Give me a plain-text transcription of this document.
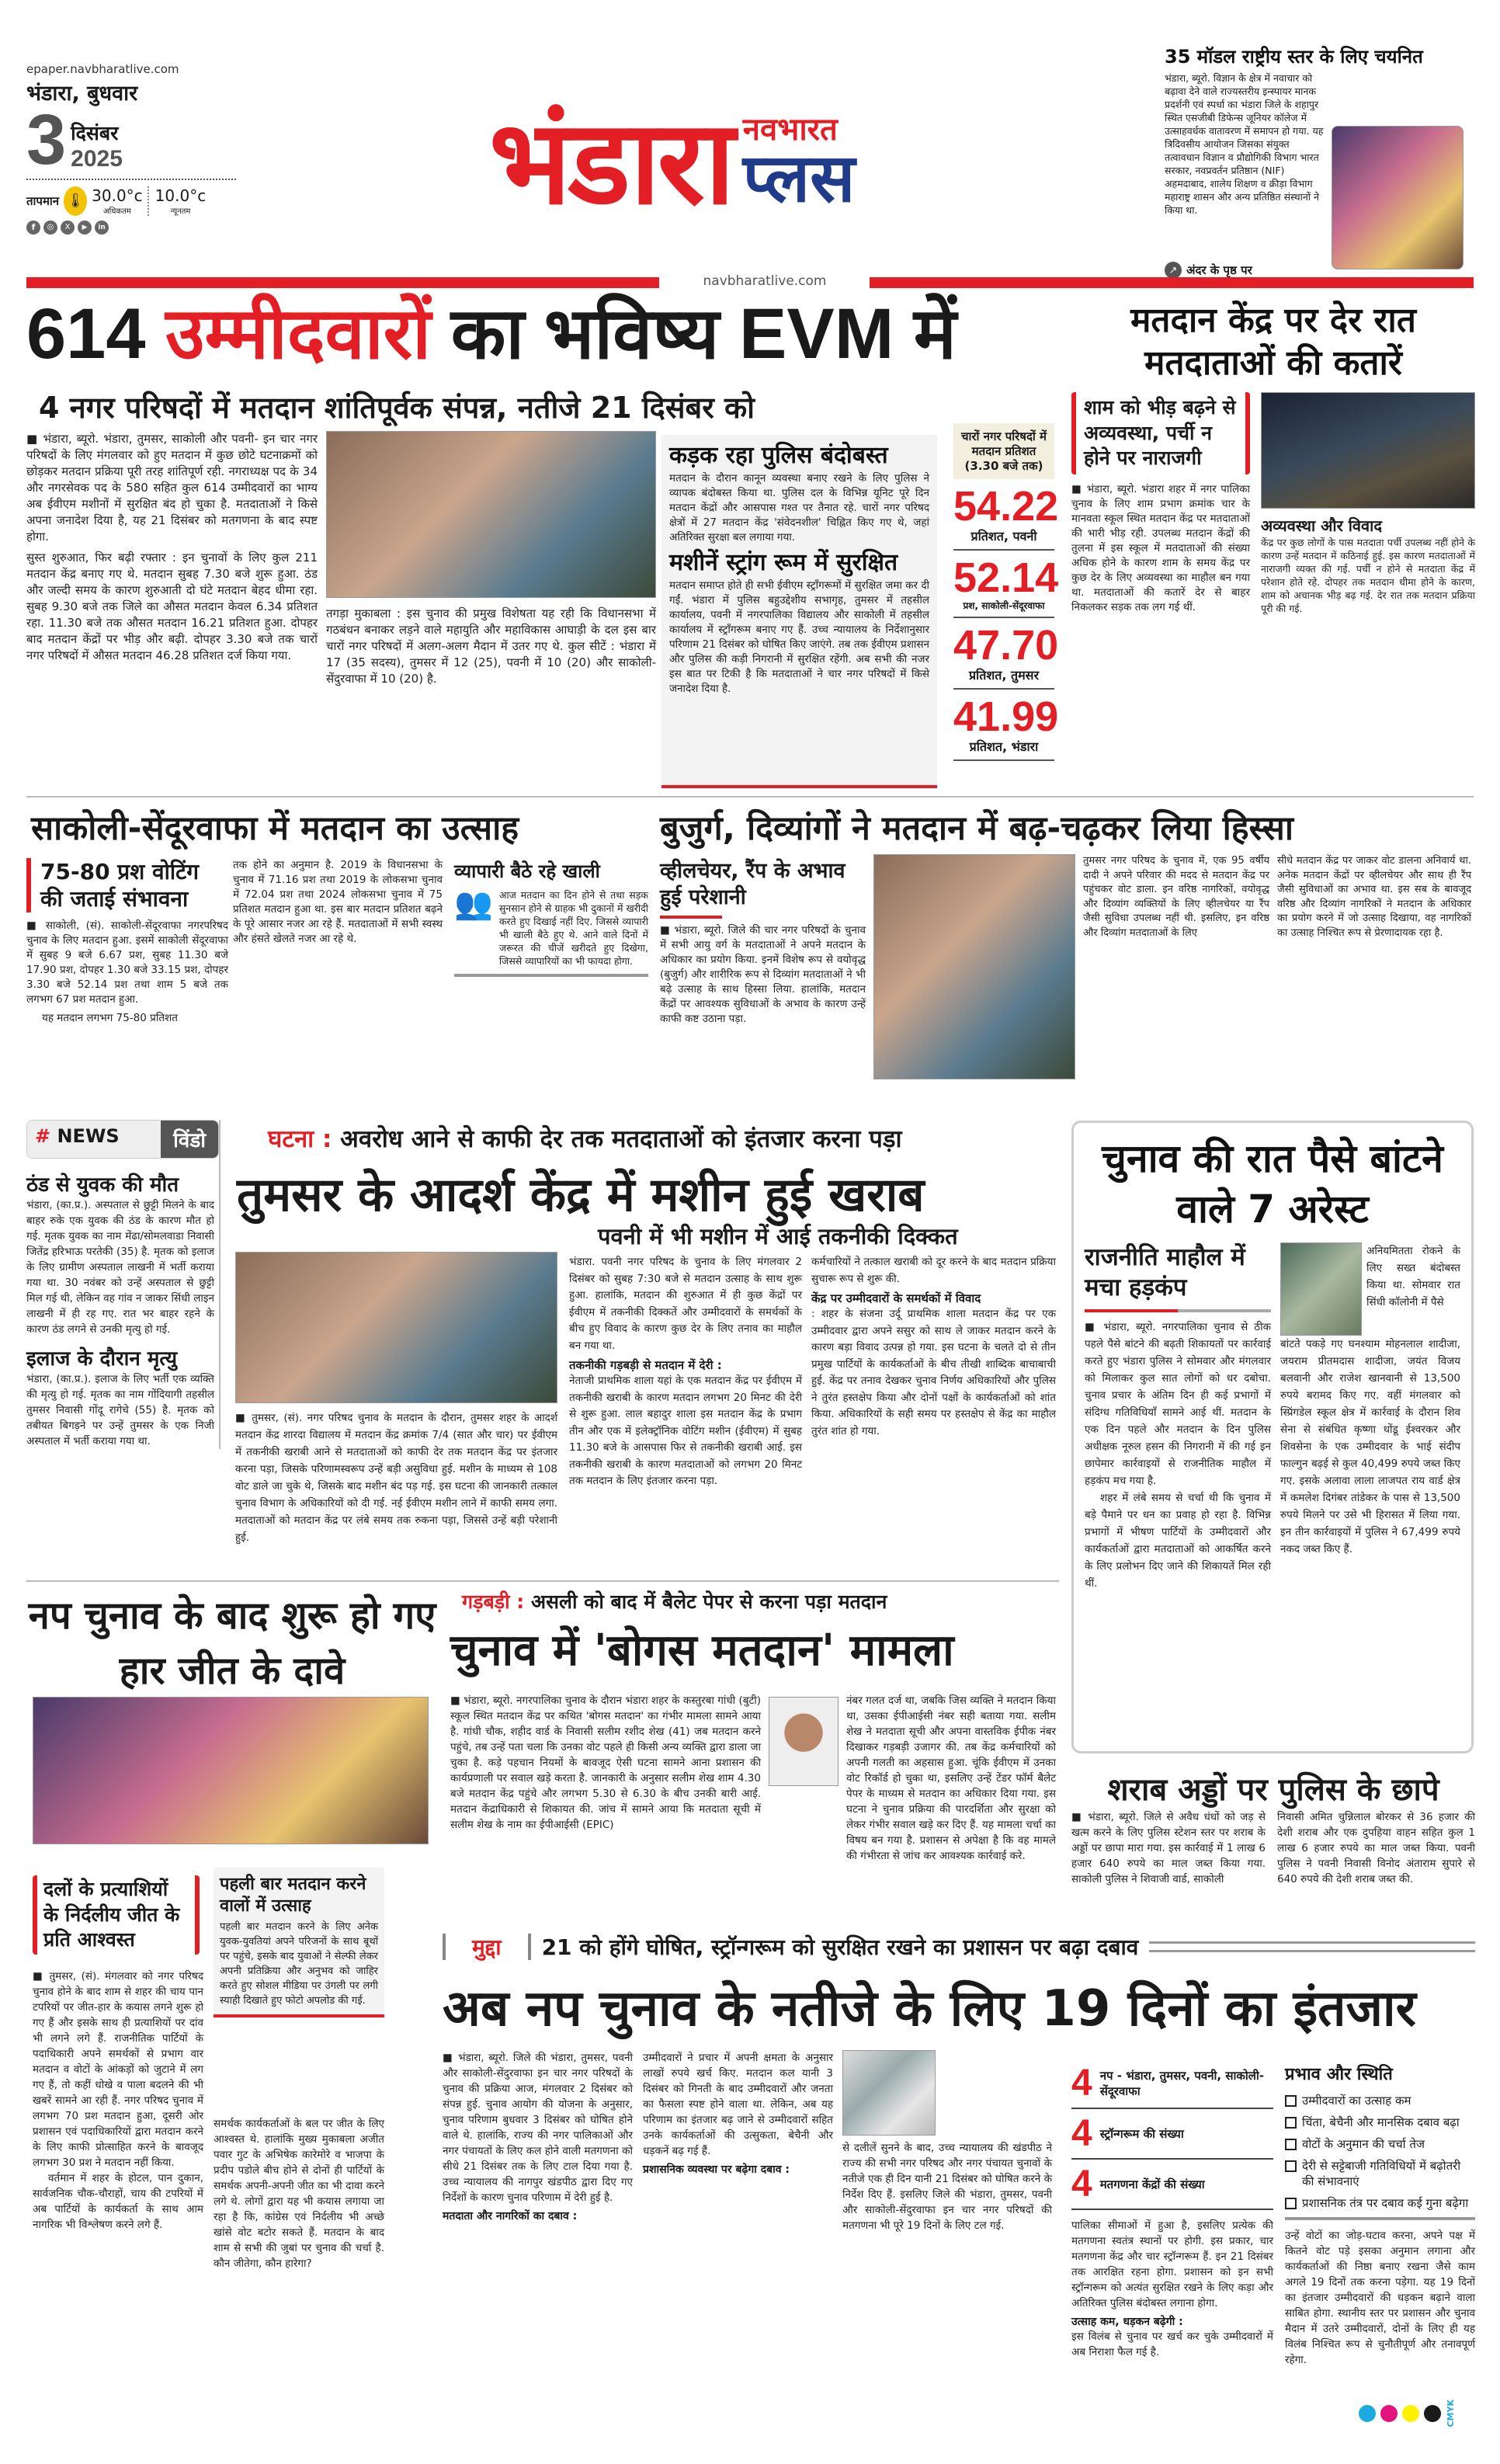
epaper.navbharatlive.com
भंडारा, बुधवार
3 दिसंबर
2025
तापमान 🌡 30.0°c
अधिकतम
10.0°c
न्यूनतम
f	◎	X	▶	in	भंडारा नवभारत
प्लस
35 मॉडल राष्ट्रीय स्तर के लिए चयनित
भंडारा, ब्यूरो. विज्ञान के क्षेत्र में नवाचार को बढ़ावा देने वाले राज्यस्तरीय इन्स्पायर मानक प्रदर्शनी एवं स्पर्धा का भंडारा जिले के शहापुर स्थित एसजीबी डिफेन्स जूनियर कॉलेज में उत्साहवर्धक वातावरण में समापन हो गया. यह त्रिदिवसीय आयोजन जिसका संयुक्त तत्वावधान विज्ञान व प्रौद्योगिकी विभाग भारत सरकार, नवप्रवर्तन प्रतिष्ठान (NIF) अहमदाबाद, शालेय शिक्षण व क्रीड़ा विभाग महाराष्ट्र शासन और अन्य प्रतिष्ठित संस्थानों ने किया था.
↗ अंदर के पृष्ठ पर
navbharatlive.com
614 उम्मीदवारों का भविष्य EVM में
4 नगर परिषदों में मतदान शांतिपूर्वक संपन्न, नतीजे 21 दिसंबर को

■ भंडारा, ब्यूरो. भंडारा, तुमसर, साकोली और पवनी- इन चार नगर परिषदों के लिए मंगलवार को हुए मतदान में कुछ छोटे घटनाक्रमों को छोड़कर मतदान प्रक्रिया पूरी तरह शांतिपूर्ण रही. नगराध्यक्ष पद के 34 और नगरसेवक पद के 580 सहित कुल 614 उम्मीदवारों का भाग्य अब ईवीएम मशीनों में सुरक्षित बंद हो चुका है. मतदाताओं ने किसे अपना जनादेश दिया है, यह 21 दिसंबर को मतगणना के बाद स्पष्ट होगा.

सुस्त शुरुआत, फिर बढ़ी रफ्तार : इन चुनावों के लिए कुल 211 मतदान केंद्र बनाए गए थे. मतदान सुबह 7.30 बजे शुरू हुआ. ठंड और जल्दी समय के कारण शुरुआती दो घंटे मतदान बेहद धीमा रहा. सुबह 9.30 बजे तक जिले का औसत मतदान केवल 6.34 प्रतिशत रहा. 11.30 बजे तक औसत मतदान 16.21 प्रतिशत हुआ. दोपहर बाद मतदान केंद्रों पर भीड़ और बढ़ी. दोपहर 3.30 बजे तक चारों नगर परिषदों में औसत मतदान 46.28 प्रतिशत दर्ज किया गया.

तगड़ा मुकाबला : इस चुनाव की प्रमुख विशेषता यह रही कि विधानसभा में गठबंधन बनाकर लड़ने वाले महायुति और महाविकास आघाड़ी के दल इस बार चारों नगर परिषदों में अलग-अलग मैदान में उतर गए थे. कुल सीटें : भंडारा में 17 (35 सदस्य), तुमसर में 12 (25), पवनी में 10 (20) और साकोली-सेंदुरवाफा में 10 (20) है.

कड़क रहा पुलिस बंदोबस्त

मतदान के दौरान कानून व्यवस्था बनाए रखने के लिए पुलिस ने व्यापक बंदोबस्त किया था. पुलिस दल के विभिन्न यूनिट पूरे दिन मतदान केंद्रों और आसपास गश्त पर तैनात रहे. चारों नगर परिषद क्षेत्रों में 27 मतदान केंद्र 'संवेदनशील' चिह्नित किए गए थे, जहां अतिरिक्त सुरक्षा बल लगाया गया.

मशीनें स्ट्रांग रूम में सुरक्षित

मतदान समाप्त होते ही सभी ईवीएम स्ट्रॉंगरूमों में सुरक्षित जमा कर दी गईं. भंडारा में पुलिस बहुउद्देशीय सभागृह, तुमसर में तहसील कार्यालय, पवनी में नगरपालिका विद्यालय और साकोली में तहसील कार्यालय में स्ट्रॉंगरूम बनाए गए हैं. उच्च न्यायालय के निर्देशानुसार परिणाम 21 दिसंबर को घोषित किए जाएंगे. तब तक ईवीएम प्रशासन और पुलिस की कड़ी निगरानी में सुरक्षित रहेंगी. अब सभी की नजर इस बात पर टिकी है कि मतदाताओं ने चार नगर परिषदों में किसे जनादेश दिया है.

चारों नगर परिषदों में मतदान प्रतिशत (3.30 बजे तक)
54.22
प्रतिशत, पवनी
52.14
प्रश, साकोली-सेंदूरवाफा
47.70
प्रतिशत, तुमसर
41.99
प्रतिशत, भंडारा
मतदान केंद्र पर देर रात मतदाताओं की कतारें
शाम को भीड़ बढ़ने से अव्यवस्था, पर्ची न होने पर नाराजगी

■ भंडारा, ब्यूरो. भंडारा शहर में नगर पालिका चुनाव के लिए शाम प्रभाग क्रमांक चार के मानवता स्कूल स्थित मतदान केंद्र पर मतदाताओं की भारी भीड़ रही. उपलब्ध मतदान केंद्रों की तुलना में इस स्कूल में मतदाताओं की संख्या अधिक होने के कारण शाम के समय केंद्र पर कुछ देर के लिए अव्यवस्था का माहौल बन गया था. मतदाताओं की कतारें देर से बाहर निकलकर सड़क तक लग गई थीं.

अव्यवस्था और विवाद

केंद्र पर कुछ लोगों के पास मतदाता पर्ची उपलब्ध नहीं होने के कारण उन्हें मतदान में कठिनाई हुई. इस कारण मतदाताओं में नाराजगी व्यक्त की गई. पर्ची न होने से मतदाता केंद्र में परेशान होते रहे. दोपहर तक मतदान धीमा होने के कारण, शाम को अचानक भीड़ बढ़ गई. देर रात तक मतदान प्रक्रिया पूरी की गई.

साकोली-सेंदूरवाफा में मतदान का उत्साह
75-80 प्रश वोटिंग की जताई संभावना

■ साकोली, (सं). साकोली-सेंदूरवाफा नगरपरिषद चुनाव के लिए मतदान हुआ. इसमें साकोली सेंदूरवाफा में सुबह 9 बजे 6.67 प्रश, सुबह 11.30 बजे 17.90 प्रश, दोपहर 1.30 बजे 33.15 प्रश, दोपहर 3.30 बजे 52.14 प्रश तथा शाम 5 बजे तक लगभग 67 प्रश मतदान हुआ.

यह मतदान लगभग 75-80 प्रतिशत

तक होने का अनुमान है. 2019 के विधानसभा के चुनाव में 71.16 प्रश तथा 2019 के लोकसभा चुनाव में 72.04 प्रश तथा 2024 लोकसभा चुनाव में 75 प्रतिशत मतदान हुआ था. इस बार मतदान प्रतिशत बढ़ने के पूरे आसार नजर आ रहे हैं. मतदाताओं में सभी स्वस्थ और हंसते खेलते नजर आ रहे थे.

व्यापारी बैठे रहे खाली
👥 आज मतदान का दिन होने से तथा सड़क सुनसान होने से ग्राहक भी दुकानों में खरीदी करते हुए दिखाई नहीं दिए. जिससे व्यापारी भी खाली बैठे हुए थे. आने वाले दिनों में जरूरत की चीजें खरीदते हुए दिखेगा, जिससे व्यापारियों का भी फायदा होगा.

बुजुर्ग, दिव्यांगों ने मतदान में बढ़-चढ़कर लिया हिस्सा
व्हीलचेयर, रैंप के अभाव हुई परेशानी

■ भंडारा, ब्यूरो. जिले की चार नगर परिषदों के चुनाव में सभी आयु वर्ग के मतदाताओं ने अपने मतदान के अधिकार का प्रयोग किया. इनमें विशेष रूप से वयोवृद्ध (बुजुर्ग) और शारीरिक रूप से दिव्यांग मतदाताओं ने भी बढ़े उत्साह के साथ हिस्सा लिया. हालांकि, मतदान केंद्रों पर आवश्यक सुविधाओं के अभाव के कारण उन्हें काफी कष्ट उठाना पड़ा.

तुमसर नगर परिषद के चुनाव में, एक 95 वर्षीय दादी ने अपने परिवार की मदद से मतदान केंद्र पर पहुंचकर वोट डाला. इन वरिष्ठ नागरिकों, वयोवृद्ध और दिव्यांग व्यक्तियों के लिए व्हीलचेयर या रैंप जैसी सुविधा उपलब्ध नहीं थी. इसलिए, इन वरिष्ठ और दिव्यांग मतदाताओं के लिए

सीधे मतदान केंद्र पर जाकर वोट डालना अनिवार्य था. अनेक मतदान केंद्रों पर व्हीलचेयर और साथ ही रैंप जैसी सुविधाओं का अभाव था. इस सब के बावजूद वरिष्ठ और दिव्यांग नागरिकों ने मतदान के अधिकार का प्रयोग करने में जो उत्साह दिखाया, वह नागरिकों का उत्साह निश्चित रूप से प्रेरणादायक रहा है.

# NEWS	विंडो
ठंड से युवक की मौत

भंडारा, (का.प्र.). अस्पताल से छुट्टी मिलने के बाद बाहर रुके एक युवक की ठंड के कारण मौत हो गई. मृतक युवक का नाम मेंढा/सोमलवाडा निवासी जितेंद्र हरिभाऊ परतेकी (35) है. मृतक को इलाज के लिए ग्रामीण अस्पताल लाखनी में भर्ती कराया गया था. 30 नवंबर को उन्हें अस्पताल से छुट्टी मिल गई थी, लेकिन वह गांव न जाकर सिंधी लाइन लाखनी में ही रह गए. रात भर बाहर रहने के कारण ठंड लगने से उनकी मृत्यु हो गई.

इलाज के दौरान मृत्यु

भंडारा, (का.प्र.). इलाज के लिए भर्ती एक व्यक्ति की मृत्यु हो गई. मृतक का नाम गोंदियागी तहसील तुमसर निवासी गोंदू रागेचे (55) है. मृतक को तबीयत बिगड़ने पर उन्हें तुमसर के एक निजी अस्पताल में भर्ती कराया गया था.

घटना : अवरोध आने से काफी देर तक मतदाताओं को इंतजार करना पड़ा
तुमसर के आदर्श केंद्र में मशीन हुई खराब
पवनी में भी मशीन में आई तकनीकी दिक्कत

■ तुमसर, (सं). नगर परिषद चुनाव के मतदान के दौरान, तुमसर शहर के आदर्श मतदान केंद्र शारदा विद्यालय में मतदान केंद्र क्रमांक 7/4 (सात और चार) पर ईवीएम में तकनीकी खराबी आने से मतदाताओं को काफी देर तक मतदान केंद्र पर इंतजार करना पड़ा, जिसके परिणामस्वरूप उन्हें बड़ी असुविधा हुई. मशीन के माध्यम से 108 वोट डाले जा चुके थे, जिसके बाद मशीन बंद पड़ गई. इस घटना की जानकारी तत्काल चुनाव विभाग के अधिकारियों को दी गई. नई ईवीएम मशीन लाने में काफी समय लगा. मतदाताओं को मतदान केंद्र पर लंबे समय तक रुकना पड़ा, जिससे उन्हें बड़ी परेशानी हुई.

भंडारा. पवनी नगर परिषद के चुनाव के लिए मंगलवार 2 दिसंबर को सुबह 7:30 बजे से मतदान उत्साह के साथ शुरू हुआ. हालांकि, मतदान की शुरुआत में ही कुछ केंद्रों पर ईवीएम में तकनीकी दिक्कतें और उम्मीदवारों के समर्थकों के बीच हुए विवाद के कारण कुछ देर के लिए तनाव का माहौल बन गया था.

तकनीकी गड़बड़ी से मतदान में देरी :

नेताजी प्राथमिक शाला यहां के एक मतदान केंद्र पर ईवीएम में तकनीकी खराबी के कारण मतदान लगभग 20 मिनट की देरी से शुरू हुआ. लाल बहादुर शाला इस मतदान केंद्र के प्रभाग तीन और एक में इलेक्ट्रॉनिक वोटिंग मशीन (ईवीएम) में सुबह 11.30 बजे के आसपास फिर से तकनीकी खराबी आई. इस तकनीकी खराबी के कारण मतदाताओं को लगभग 20 मिनट तक मतदान के लिए इंतजार करना पड़ा.

कर्मचारियों ने तत्काल खराबी को दूर करने के बाद मतदान प्रक्रिया सुचारू रूप से शुरू की.

केंद्र पर उम्मीदवारों के समर्थकों में विवाद

: शहर के संजना उर्दू प्राथमिक शाला मतदान केंद्र पर एक उम्मीदवार द्वारा अपने ससुर को साथ ले जाकर मतदान करने के कारण बड़ा विवाद उत्पन्न हो गया. इस घटना के चलते दो से तीन प्रमुख पार्टियों के कार्यकर्ताओं के बीच तीखी शाब्दिक बाचाबाची हुई. केंद्र पर तनाव देखकर चुनाव निर्णय अधिकारियों और पुलिस ने तुरंत हस्तक्षेप किया और दोनों पक्षों के कार्यकर्ताओं को शांत किया. अधिकारियों के सही समय पर हस्तक्षेप से केंद्र का माहौल तुरंत शांत हो गया.

चुनाव की रात पैसे बांटने वाले 7 अरेस्ट
राजनीति माहौल में मचा हड़कंप

■ भंडारा, ब्यूरो. नगरपालिका चुनाव से ठीक पहले पैसे बांटने की बढ़ती शिकायतों पर कार्रवाई करते हुए भंडारा पुलिस ने सोमवार और मंगलवार को मिलाकर कुल सात लोगों को धर दबोचा. चुनाव प्रचार के अंतिम दिन ही कई प्रभागों में संदिग्ध गतिविधियाँ सामने आई थीं. मतदान के एक दिन पहले और मतदान के दिन पुलिस अधीक्षक नूरुल हसन की निगरानी में की गई इन छापेमार कार्रवाइयों से राजनीतिक माहौल में हड़कंप मच गया है.

शहर में लंबे समय से चर्चा थी कि चुनाव में बड़े पैमाने पर धन का प्रवाह हो रहा है. विभिन्न प्रभागों में भीषण पार्टियों के उम्मीदवारों और कार्यकर्ताओं द्वारा मतदाताओं को आकर्षित करने के लिए प्रलोभन दिए जाने की शिकायतें मिल रही थीं.

अनियमितता रोकने के लिए सख्त बंदोबस्त किया था. सोमवार रात सिंधी कॉलोनी में पैसे

बांटते पकड़े गए घनश्याम मोहनलाल शादीजा, जयराम प्रीतमदास शादीजा, जयंत विजय बलवानी और राजेश खानवानी से 13,500 रुपये बरामद किए गए. वहीं मंगलवार को स्प्रिंगडेल स्कूल क्षेत्र में कार्रवाई के दौरान शिव सेना से संबंधित कृष्णा धोंडू ईश्वरकर और शिवसेना के एक उम्मीदवार के भाई संदीप फाल्गुन बढ़ई से कुल 40,499 रुपये जब्त किए गए. इसके अलावा लाला लाजपत राय वार्ड क्षेत्र में कमलेश दिगंबर तांडेकर के पास से 13,500 रुपये मिलने पर उसे भी हिरासत में लिया गया. इन तीन कार्रवाइयों में पुलिस ने 67,499 रुपये नकद जब्त किए हैं.

नप चुनाव के बाद शुरू हो गए हार जीत के दावे
दलों के प्रत्याशियों के निर्दलीय जीत के प्रति आश्वस्त
पहली बार मतदान करने वालों में उत्साह

पहली बार मतदान करने के लिए अनेक युवक-युवतियां अपने परिजनों के साथ बूथों पर पहुंचे, इसके बाद युवाओं ने सेल्फी लेकर अपनी प्रतिक्रिया और अनुभव को जाहिर करते हुए सोशल मीडिया पर उंगली पर लगी स्याही दिखाते हुए फोटो अपलोड की गई.

■ तुमसर, (सं). मंगलवार को नगर परिषद चुनाव होने के बाद शाम से शहर की चाय पान टपरियों पर जीत-हार के कयास लगने शुरू हो गए हैं और इसके साथ ही प्रत्याशियों पर दांव भी लगने लगे हैं. राजनीतिक पार्टियों के पदाधिकारी अपने समर्थकों से प्रभाग वार मतदान व वोटों के आंकड़ों को जुटाने में लग गए हैं, तो कहीं धोखे व पाला बदलने की भी खबरें सामने आ रही हैं. नगर परिषद चुनाव में लगभग 70 प्रश मतदान हुआ, दूसरी ओर प्रशासन एवं पदाधिकारियों द्वारा मतदान करने के लिए काफी प्रोत्साहित करने के बावजूद लगभग 30 प्रश ने मतदान नहीं किया.

वर्तमान में शहर के होटल, पान दुकान, सार्वजनिक चौक-चौराहों, चाय की टपरियों में अब पार्टियों के कार्यकर्ता के साथ आम नागरिक भी विश्लेषण करने लगे हैं.

समर्थक कार्यकर्ताओं के बल पर जीत के लिए आश्वस्त थे. हालांकि मुख्य मुकाबला अजीत पवार गुट के अभिषेक कारेमोरे व भाजपा के प्रदीप पडोले बीच होने से दोनों ही पार्टियों के समर्थक अपनी-अपनी जीत का भी दावा करने लगे थे. लोगों द्वारा यह भी कयास लगाया जा रहा है कि, कांग्रेस एवं निर्दलीय भी अच्छे खांसे वोट बटोर सकते हैं. मतदान के बाद शाम से सभी की जुबां पर चुनाव की चर्चा है. कौन जीतेगा, कौन हारेगा?

गड़बड़ी : असली को बाद में बैलेट पेपर से करना पड़ा मतदान
चुनाव में 'बोगस मतदान' मामला

■ भंडारा, ब्यूरो. नगरपालिका चुनाव के दौरान भंडारा शहर के कस्तुरबा गांधी (बुटी) स्कूल स्थित मतदान केंद्र पर कथित 'बोगस मतदान' का गंभीर मामला सामने आया है. गांधी चौक, शहीद वार्ड के निवासी सलीम रशीद शेख (41) जब मतदान करने पहुंचे, तब उन्हें पता चला कि उनका वोट पहले ही किसी अन्य व्यक्ति द्वारा डाला जा चुका है. कड़े पहचान नियमों के बावजूद ऐसी घटना सामने आना प्रशासन की कार्यप्रणाली पर सवाल खड़े करता है. जानकारी के अनुसार सलीम शेख शाम 4.30 बजे मतदान केंद्र पहुंचे और लगभग 5.30 से 6.30 के बीच उनकी बारी आई. मतदान केंद्राधिकारी से शिकायत की. जांच में सामने आया कि मतदाता सूची में सलीम शेख के नाम का ईपीआईसी (EPIC)

नंबर गलत दर्ज था, जबकि जिस व्यक्ति ने मतदान किया था, उसका ईपीआईसी नंबर सही बताया गया. सलीम शेख ने मतदाता सूची और अपना वास्तविक ईपीक नंबर दिखाकर गड़बड़ी उजागर की. तब केंद्र कर्मचारियों को अपनी गलती का अहसास हुआ. चूंकि ईवीएम में उनका वोट रिकॉर्ड हो चुका था, इसलिए उन्हें टेंडर फॉर्म बैलेट पेपर के माध्यम से मतदान का अधिकार दिया गया. इस घटना ने चुनाव प्रक्रिया की पारदर्शिता और सुरक्षा को लेकर गंभीर सवाल खड़े कर दिए हैं. यह मामला चर्चा का विषय बन गया है. प्रशासन से अपेक्षा है कि वह मामले की गंभीरता से जांच कर आवश्यक कार्रवाई करे.

शराब अड्डों पर पुलिस के छापे

■ भंडारा, ब्यूरो. जिले से अवैध धंधों को जड़ से खत्म करने के लिए पुलिस स्टेशन स्तर पर शराब के अड्डों पर छापा मारा गया. इस कार्रवाई में 1 लाख 6 हजार 640 रुपये का माल जब्त किया गया. साकोली पुलिस ने शिवाजी वार्ड, साकोली

निवासी अमित चुन्निलाल बोरकर से 36 हजार की देशी शराब और एक दुपहिया वाहन सहित कुल 1 लाख 6 हजार रुपये का माल जब्त किया. पवनी पुलिस ने पवनी निवासी विनोद अंताराम सुपारे से 640 रुपये की देशी शराब जब्त की.

मुद्दा	21 को होंगे घोषित, स्ट्रॉन्गरूम को सुरक्षित रखने का प्रशासन पर बढ़ा दबाव
अब नप चुनाव के नतीजे के लिए 19 दिनों का इंतजार

■ भंडारा, ब्यूरो. जिले की भंडारा, तुमसर, पवनी और साकोली-सेंदुरवाफा इन चार नगर परिषदों के चुनाव की प्रक्रिया आज, मंगलवार 2 दिसंबर को संपन्न हुई. चुनाव आयोग की योजना के अनुसार, चुनाव परिणाम बुधवार 3 दिसंबर को घोषित होने वाले थे. हालांकि, राज्य की नगर पालिकाओं और नगर पंचायतों के लिए कल होने वाली मतगणना को सीधे 21 दिसंबर तक के लिए टाल दिया गया है. उच्च न्यायालय की नागपुर खंडपीठ द्वारा दिए गए निर्देशों के कारण चुनाव परिणाम में देरी हुई है.

मतदाता और नागरिकों का दबाव :

उम्मीदवारों ने प्रचार में अपनी क्षमता के अनुसार लाखों रुपये खर्च किए. मतदान कल यानी 3 दिसंबर को गिनती के बाद उम्मीदवारों और जनता का फैसला स्पष्ट होने वाला था. लेकिन, अब यह परिणाम का इंतजार बढ़ जाने से उम्मीदवारों सहित उनके कार्यकर्ताओं की उत्सुकता, बेचैनी और धड़कनें बढ़ गई हैं.

प्रशासनिक व्यवस्था पर बढ़ेगा दबाव :

से दलीलें सुनने के बाद, उच्च न्यायालय की खंडपीठ ने राज्य की सभी नगर परिषद और नगर पंचायत चुनावों के नतीजे एक ही दिन यानी 21 दिसंबर को घोषित करने के निर्देश दिए हैं. इसलिए जिले की भंडारा, तुमसर, पवनी और साकोली-सेंदुरवाफा इन चार नगर परिषदों की मतगणना भी पूरे 19 दिनों के लिए टल गई.

4 नप - भंडारा, तुमसर, पवनी, साकोली-सेंदूरवाफा
4 स्ट्रॉन्गरूम की संख्या
4 मतगणना केंद्रों की संख्या

पालिका सीमाओं में हुआ है, इसलिए प्रत्येक की मतगणना स्वतंत्र स्थानों पर होगी. इस प्रकार, चार मतगणना केंद्र और चार स्ट्रॉन्गरूम हैं. इन 21 दिसंबर तक आरक्षित रहना होगा. प्रशासन को इन सभी स्ट्रॉन्गरूम को अत्यंत सुरक्षित रखने के लिए कड़ा और अतिरिक्त पुलिस बंदोबस्त लगाना होगा.

उत्साह कम, धड़कन बढ़ेगी :

इस विलंब से चुनाव पर खर्च कर चुके उम्मीदवारों में अब निराशा फैल गई है.

प्रभाव और स्थिति
उम्मीदवारों का उत्साह कम
चिंता, बेचैनी और मानसिक दबाव बढ़ा
वोटों के अनुमान की चर्चा तेज
देरी से सट्टेबाजी गतिविधियों में बढ़ोतरी की संभावनाएं
प्रशासनिक तंत्र पर दबाव कई गुना बढ़ेगा

उन्हें वोटों का जोड़-घटाव करना, अपने पक्ष में कितने वोट पड़े इसका अनुमान लगाना और कार्यकर्ताओं की निष्ठा बनाए रखना जैसे काम अगले 19 दिनों तक करना पड़ेगा. यह 19 दिनों का इंतजार उम्मीदवारों की धड़कन बढ़ाने वाला साबित होगा. स्थानीय स्तर पर प्रशासन और चुनाव मैदान में उतरे उम्मीदवारों, दोनों के लिए ही यह विलंब निश्चित रूप से चुनौतीपूर्ण और तनावपूर्ण रहेगा.

CMYK
